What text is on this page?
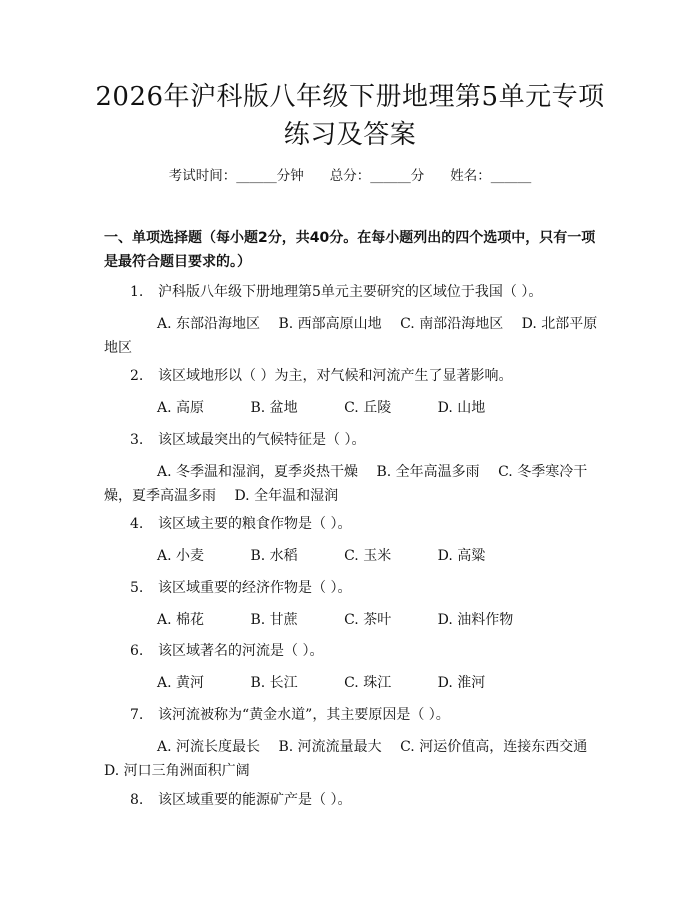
2026年沪科版八年级下册地理第5单元专项
练习及答案
考试时间：______分钟 总分：______分 姓名：______
一、单项选择题（每小题2分，共40分。在每小题列出的四个选项中，只有一项是最符合题目要求的。）
1. 沪科版八年级下册地理第5单元主要研究的区域位于我国（ ）。
A. 东部沿海地区　 B. 西部高原山地　 C. 南部沿海地区　 D. 北部平原地区
2. 该区域地形以（ ）为主，对气候和河流产生了显著影响。
A. 高原　　　 B. 盆地　　　 C. 丘陵　　　 D. 山地
3. 该区域最突出的气候特征是（ ）。
A. 冬季温和湿润，夏季炎热干燥　 B. 全年高温多雨　 C. 冬季寒冷干燥，夏季高温多雨　 D. 全年温和湿润
4. 该区域主要的粮食作物是（ ）。
A. 小麦　　　 B. 水稻　　　 C. 玉米　　　 D. 高粱
5. 该区域重要的经济作物是（ ）。
A. 棉花　　　 B. 甘蔗　　　 C. 茶叶　　　 D. 油料作物
6. 该区域著名的河流是（ ）。
A. 黄河　　　 B. 长江　　　 C. 珠江　　　 D. 淮河
7. 该河流被称为“黄金水道”，其主要原因是（ ）。
A. 河流长度最长　 B. 河流流量最大　 C. 河运价值高，连接东西交通　 D. 河口三角洲面积广阔
8. 该区域重要的能源矿产是（ ）。
